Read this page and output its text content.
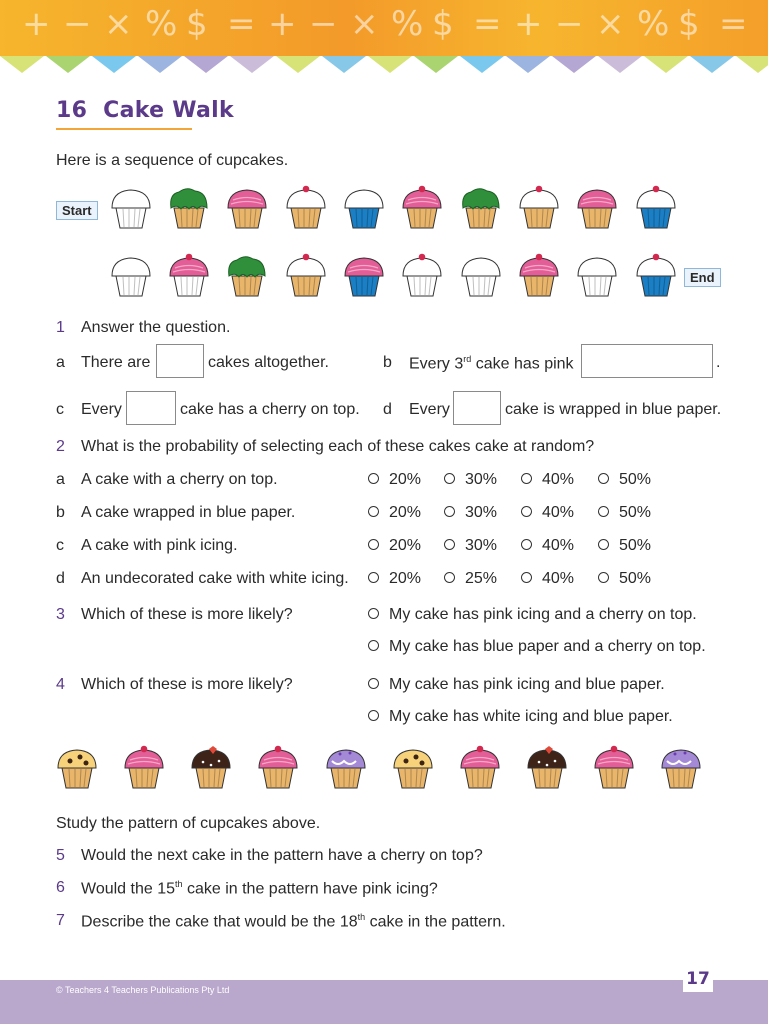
+ − × % $ = + − × % $ = + − × % $ =
16 Cake Walk
Here is a sequence of cupcakes.
Start
End
1 Answer the question.
a There are	cakes altogether.	b Every 3rd cake has pink	.
c Every	cake has a cherry on top. d Every	cake is wrapped in blue paper.
2 What is the probability of selecting each of these cakes cake at random?
a A cake with a cherry on top.	20%	30%	40%	50%
b A cake wrapped in blue paper.	20%	30%	40%	50%
c A cake with pink icing.	20%	30%	40%	50%
d An undecorated cake with white icing.	20%	25%	40%	50%
3 Which of these is more likely?	My cake has pink icing and a cherry on top.
My cake has blue paper and a cherry on top.
4 Which of these is more likely?	My cake has pink icing and blue paper.
My cake has white icing and blue paper.
Study the pattern of cupcakes above.
5 Would the next cake in the pattern have a cherry on top?
6 Would the 15th cake in the pattern have pink icing?
7 Describe the cake that would be the 18th cake in the pattern.
© Teachers 4 Teachers Publications Pty Ltd
17
